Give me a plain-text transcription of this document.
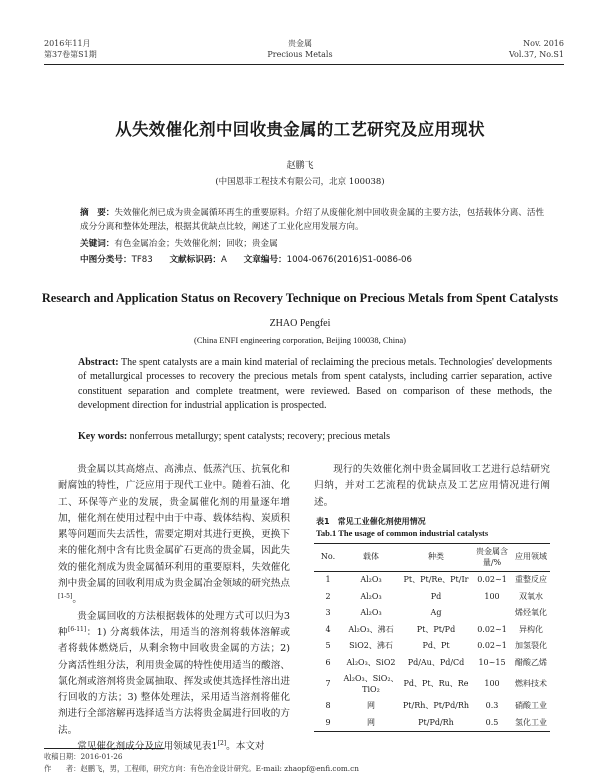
2016年11月
第37卷第S1期
贵金属
Precious Metals
Nov. 2016
Vol.37, No.S1
从失效催化剂中回收贵金属的工艺研究及应用现状
赵鹏飞
(中国恩菲工程技术有限公司，北京 100038)
摘　要：失效催化剂已成为贵金属循环再生的重要原料。介绍了从废催化剂中回收贵金属的主要方法，包括载体分离、活性成分分离和整体处理法，根据其优缺点比较，阐述了工业化应用发展方向。
关键词：有色金属冶金；失效催化剂；回收；贵金属
中图分类号：TF83 文献标识码：A 文章编号：1004-0676(2016)S1-0086-06
Research and Application Status on Recovery Technique on Precious Metals from Spent Catalysts
ZHAO Pengfei
(China ENFI engineering corporation, Beijing 100038, China)
Abstract: The spent catalysts are a main kind material of reclaiming the precious metals. Technologies' developments of metallurgical processes to recovery the precious metals from spent catalysts, including carrier separation, active constituent separation and complete treatment, were reviewed. Based on comparison of these methods, the development direction for industrial application is prospected.
Key words: nonferrous metallurgy; spent catalysts; recovery; precious metals

贵金属以其高熔点、高沸点、低蒸汽压、抗氧化和耐腐蚀的特性，广泛应用于现代工业中。随着石油、化工、环保等产业的发展，贵金属催化剂的用量逐年增加，催化剂在使用过程中由于中毒、载体结构、炭质积累等问题而失去活性，需要定期对其进行更换，更换下来的催化剂中含有比贵金属矿石更高的贵金属，因此失效的催化剂成为贵金属循环利用的重要原料，失效催化剂中贵金属的回收利用成为贵金属冶金领域的研究热点[1-5]。

贵金属回收的方法根据载体的处理方式可以归为3种[6-11]：1) 分离载体法，用适当的溶剂将载体溶解或者将载体燃烧后，从剩余物中回收贵金属的方法；2) 分离活性组分法，利用贵金属的特性使用适当的酸溶、氯化剂或溶剂将贵金属抽取、挥发或使其选择性溶出进行回收的方法；3) 整体处理法，采用适当溶剂将催化剂进行全部溶解再选择适当方法将贵金属进行回收的方法。

常见催化剂成分及应用领域见表1[2]。本文对

现行的失效催化剂中贵金属回收工艺进行总结研究归纳，并对工艺流程的优缺点及工艺应用情况进行阐述。

表1　常见工业催化剂使用情况
Tab.1 The usage of common industrial catalysts
No.	载体	种类	贵金属含量/%	应用领域
1	Al₂O₃	Pt、Pt/Re、Pt/Ir	0.02~1	重整反应
2	Al₂O₃	Pd	100	双氧水
3	Al₂O₃	Ag		烯烃氧化
4	Al₂O₃、沸石	Pt、Pt/Pd	0.02~1	异构化
5	SiO2、沸石	Pd、Pt	0.02~1	加氢裂化
6	Al₂O₃、SiO2	Pd/Au、Pd/Cd	10~15	醋酸乙烯
7	Al₂O₃、SiO₂、TiO₂	Pd、Pt、Ru、Re	100	燃料技术
8	网	Pt/Rh、Pt/Pd/Rh	0.3	硝酸工业
9	网	Pt/Pd/Rh	0.5	氢化工业
收稿日期：2016-01-26
作　　者：赵鹏飞，男，工程师，研究方向：有色冶金设计研究。E-mail: zhaopf@enfi.com.cn
